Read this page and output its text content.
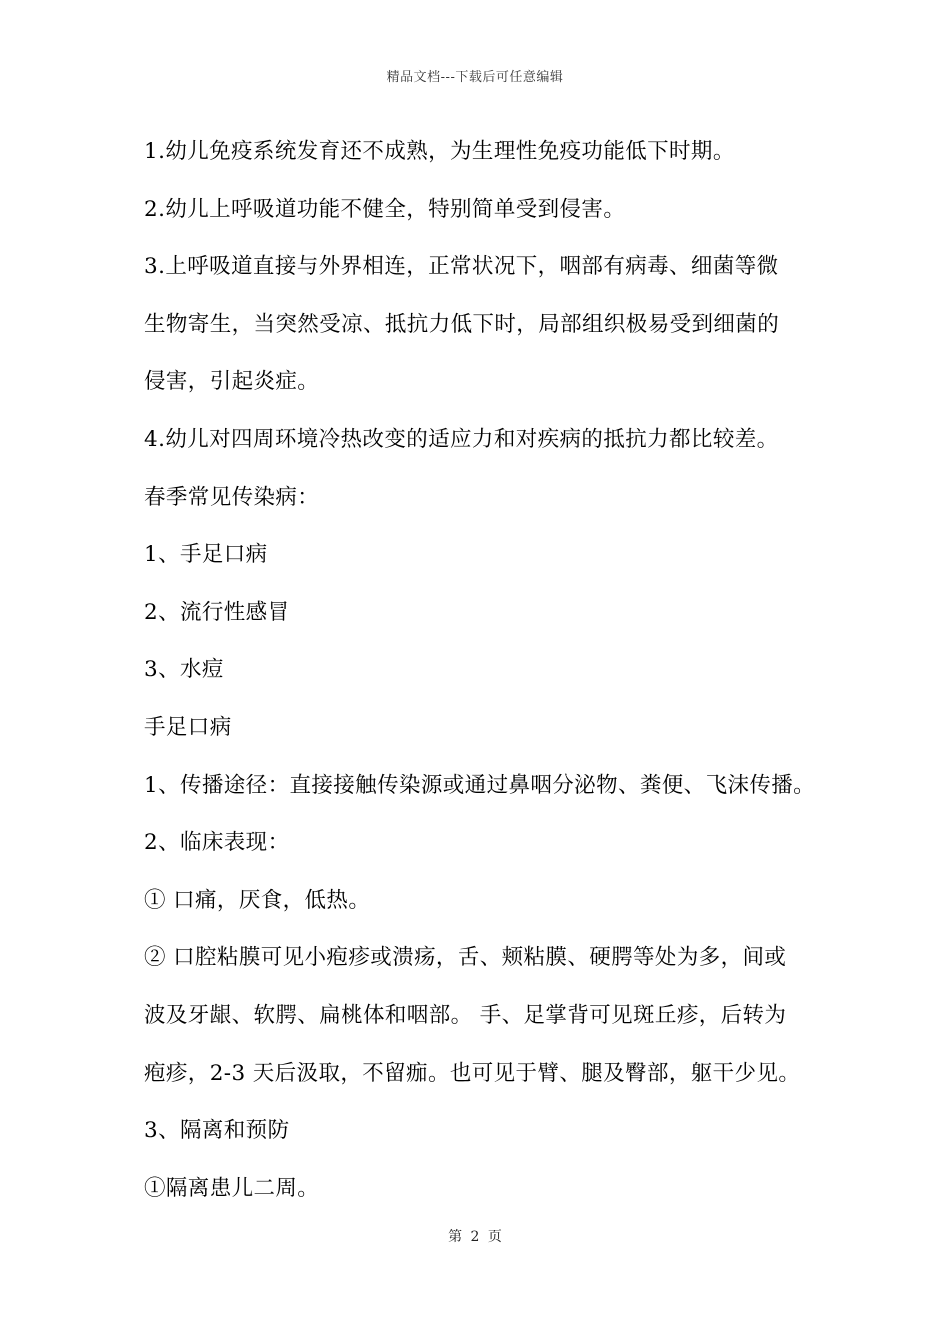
精品文档---下载后可任意编辑
1.幼儿免疫系统发育还不成熟，为生理性免疫功能低下时期。
2.幼儿上呼吸道功能不健全，特别简单受到侵害。
3.上呼吸道直接与外界相连，正常状况下，咽部有病毒、细菌等微
生物寄生，当突然受凉、抵抗力低下时，局部组织极易受到细菌的
侵害，引起炎症。
4.幼儿对四周环境冷热改变的适应力和对疾病的抵抗力都比较差。
春季常见传染病：
1、手足口病
2、流行性感冒
3、水痘
手足口病
1、传播途径：直接接触传染源或通过鼻咽分泌物、粪便、飞沫传播。
2、临床表现：
① 口痛，厌食，低热。
② 口腔粘膜可见小疱疹或溃疡，舌、颊粘膜、硬腭等处为多，间或
波及牙龈、软腭、扁桃体和咽部。 手、足掌背可见斑丘疹，后转为
疱疹，2-3 天后汲取，不留痂。也可见于臂、腿及臀部，躯干少见。
3、隔离和预防
①隔离患儿二周。
第 2 页
